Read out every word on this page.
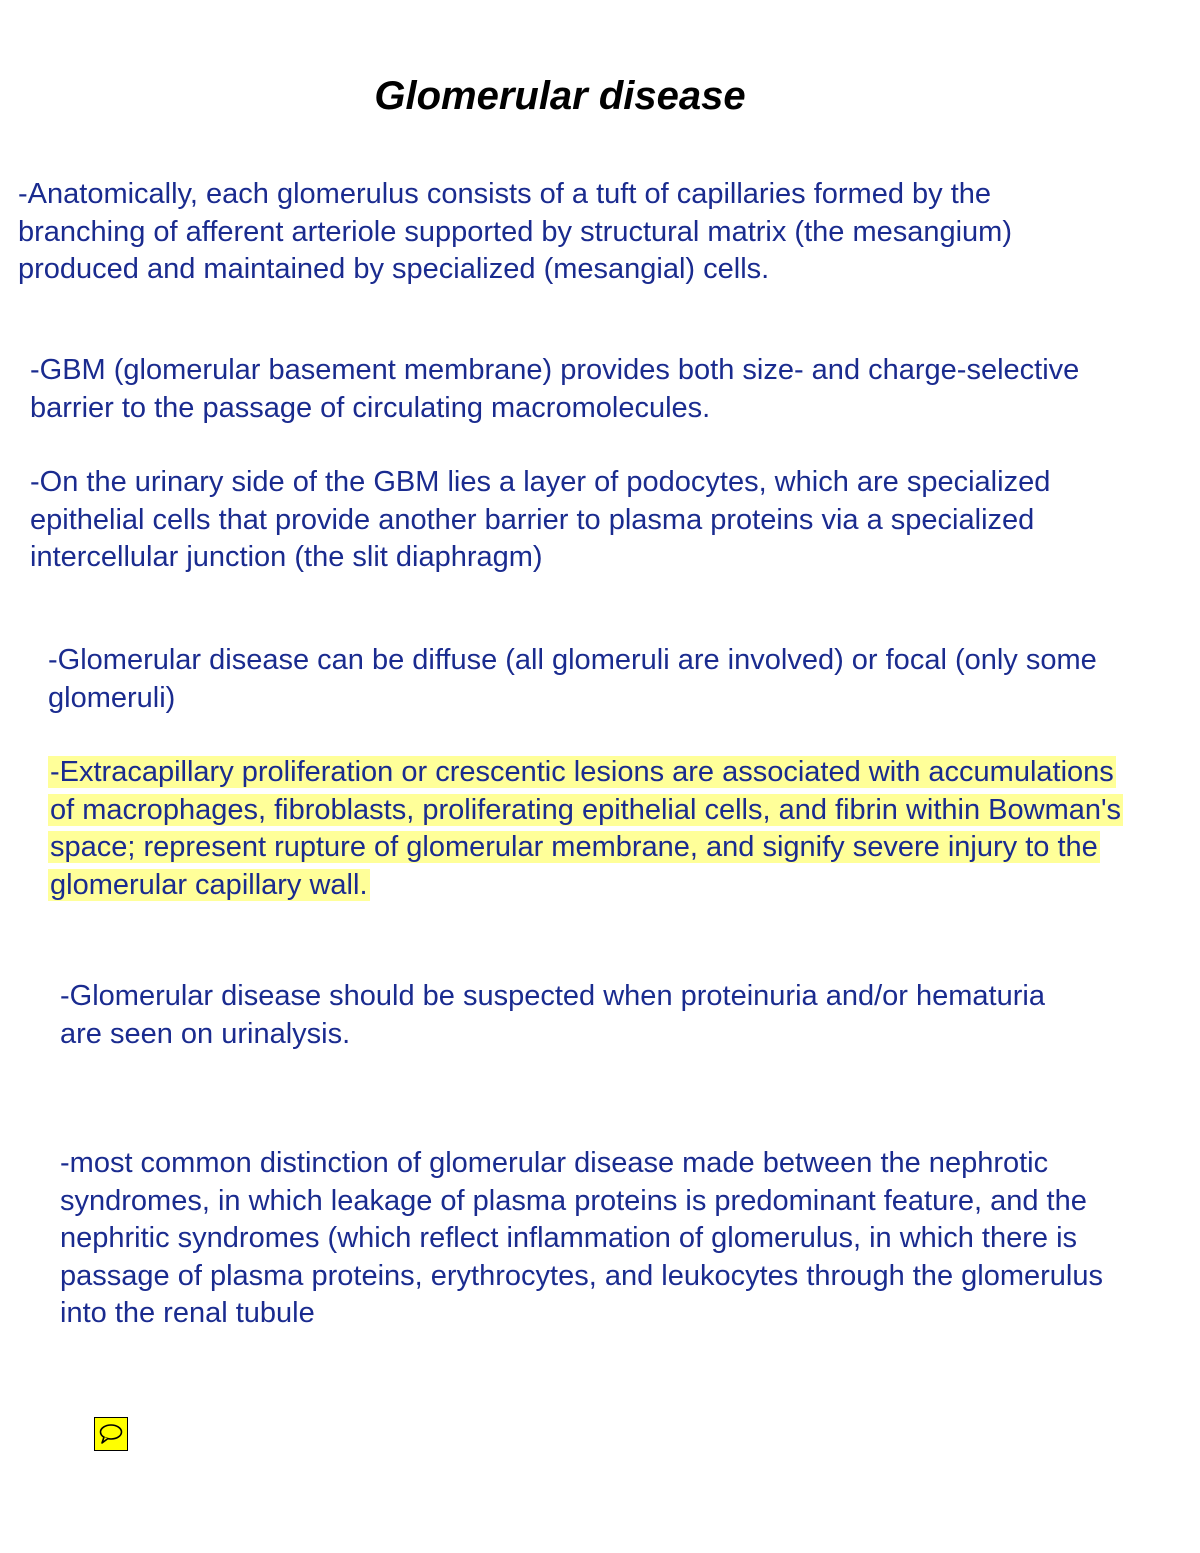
Glomerular disease

-Anatomically, each glomerulus consists of a tuft of capillaries formed by the branching of afferent arteriole supported by structural matrix (the mesangium) produced and maintained by specialized (mesangial) cells.

-GBM (glomerular basement membrane) provides both size- and charge-selective barrier to the passage of circulating macromolecules.

-On the urinary side of the GBM lies a layer of podocytes, which are specialized epithelial cells that provide another barrier to plasma proteins via a specialized intercellular junction (the slit diaphragm)

-Glomerular disease can be diffuse (all glomeruli are involved) or focal (only some glomeruli)

-Extracapillary proliferation or crescentic lesions are associated with accumulations of macrophages, fibroblasts, proliferating epithelial cells, and fibrin within Bowman's space; represent rupture of glomerular membrane, and signify severe injury to the glomerular capillary wall.

-Glomerular disease should be suspected when proteinuria and/or hematuria are seen on urinalysis.

-most common distinction of glomerular disease made between the nephrotic syndromes, in which leakage of plasma proteins is predominant feature, and the nephritic syndromes (which reflect inflammation of glomerulus, in which there is passage of plasma proteins, erythrocytes, and leukocytes through the glomerulus into the renal tubule
